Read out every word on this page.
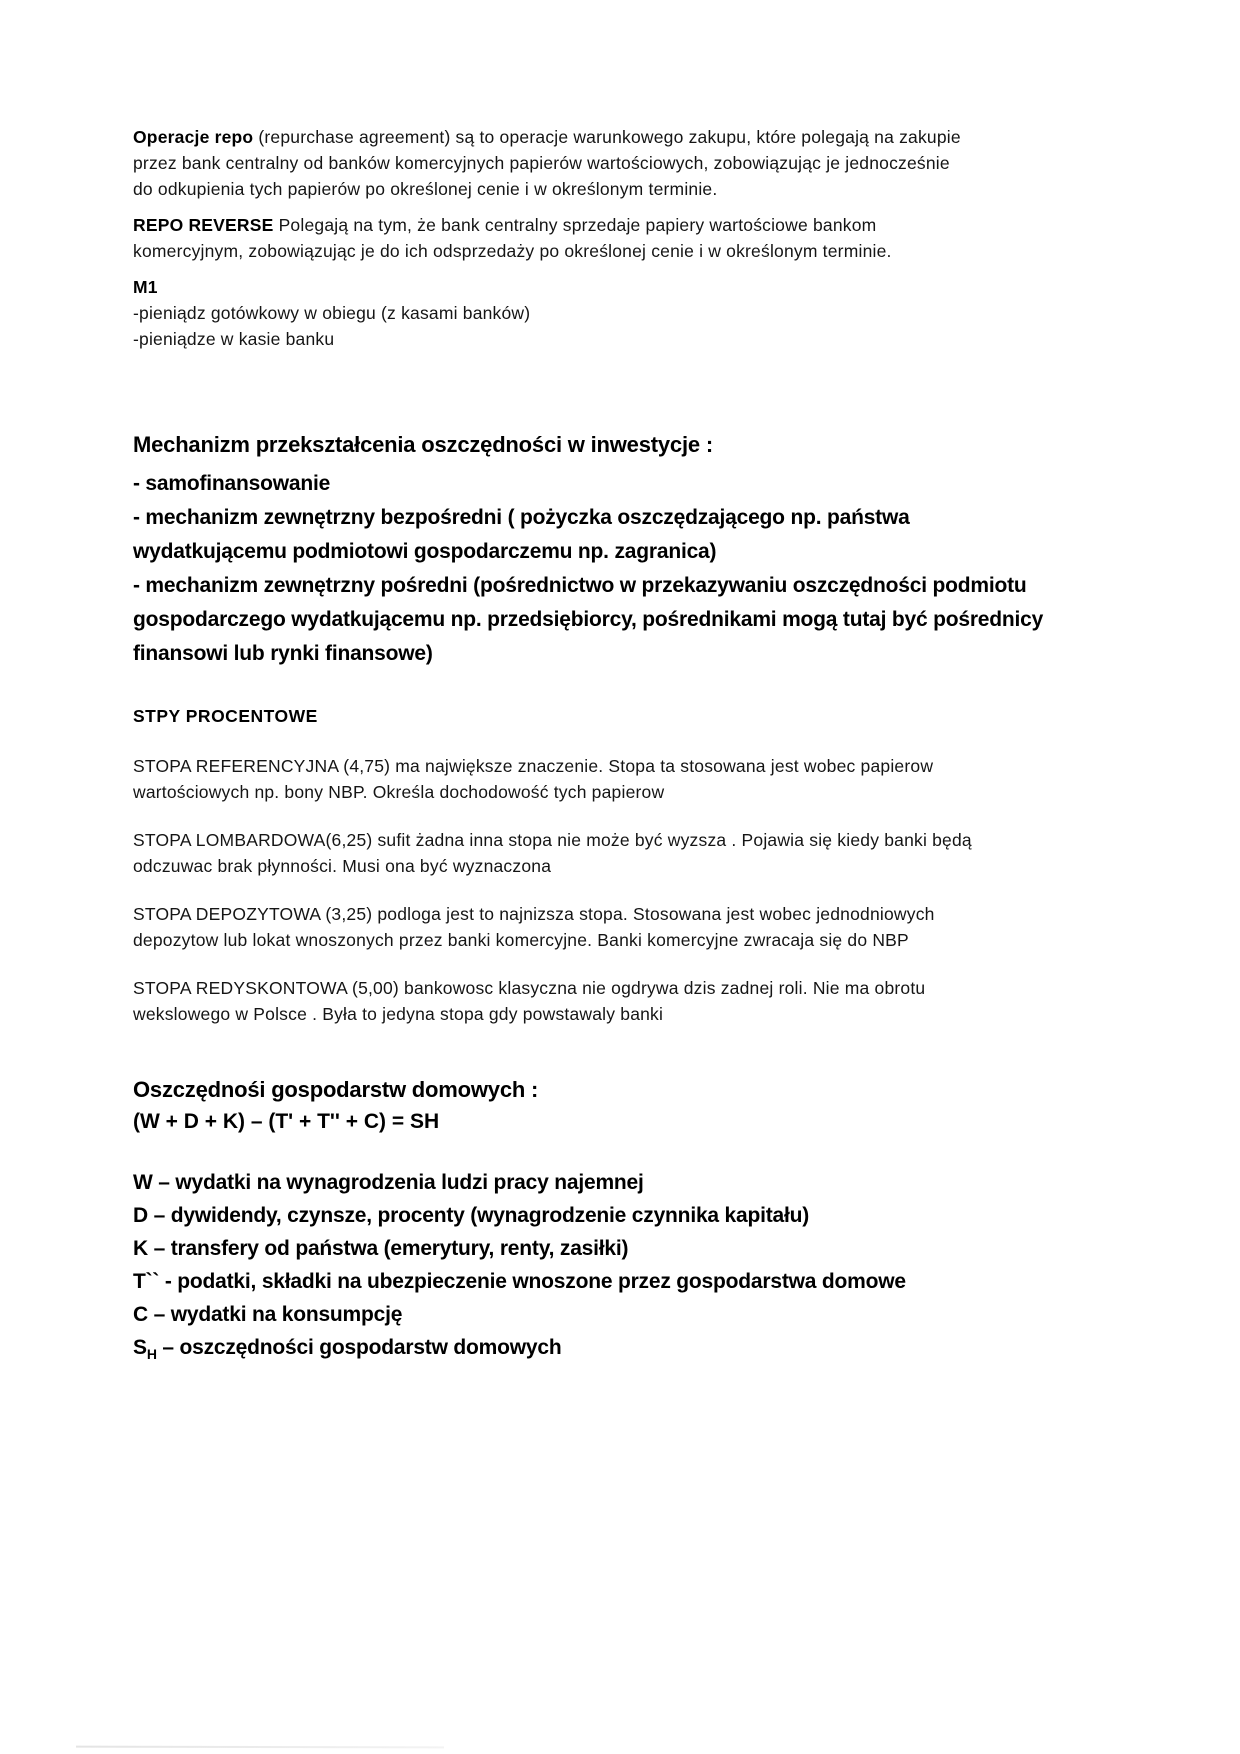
Operacje repo (repurchase agreement) są to operacje warunkowego zakupu, które polegają na zakupie
przez bank centralny od banków komercyjnych papierów wartościowych, zobowiązując je jednocześnie
do odkupienia tych papierów po określonej cenie i w określonym terminie.
REPO REVERSE Polegają na tym, że bank centralny sprzedaje papiery wartościowe bankom
komercyjnym, zobowiązując je do ich odsprzedaży po określonej cenie i w określonym terminie.
M1
-pieniądz gotówkowy w obiegu (z kasami banków)
-pieniądze w kasie banku
Mechanizm przekształcenia oszczędności w inwestycje :
- samofinansowanie
- mechanizm zewnętrzny bezpośredni ( pożyczka oszczędzającego np. państwa
wydatkującemu podmiotowi gospodarczemu np. zagranica)
- mechanizm zewnętrzny pośredni (pośrednictwo w przekazywaniu oszczędności podmiotu
gospodarczego wydatkującemu np. przedsiębiorcy, pośrednikami mogą tutaj być pośrednicy
finansowi lub rynki finansowe)
STPY PROCENTOWE
STOPA REFERENCYJNA (4,75) ma największe znaczenie. Stopa ta stosowana jest wobec papierow
wartościowych np. bony NBP. Określa dochodowość tych papierow
STOPA LOMBARDOWA(6,25) sufit żadna inna stopa nie może być wyzsza . Pojawia się kiedy banki będą
odczuwac brak płynności. Musi ona być wyznaczona
STOPA DEPOZYTOWA (3,25) podloga jest to najnizsza stopa. Stosowana jest wobec jednodniowych
depozytow lub lokat wnoszonych przez banki komercyjne. Banki komercyjne zwracaja się do NBP
STOPA REDYSKONTOWA (5,00) bankowosc klasyczna nie ogdrywa dzis zadnej roli. Nie ma obrotu
wekslowego w Polsce . Była to jedyna stopa gdy powstawaly banki
Oszczędnośi gospodarstw domowych :
(W + D + K) – (T' + T'' + C) = SH
W – wydatki na wynagrodzenia ludzi pracy najemnej
D – dywidendy, czynsze, procenty (wynagrodzenie czynnika kapitału)
K – transfery od państwa (emerytury, renty, zasiłki)
T`` - podatki, składki na ubezpieczenie wnoszone przez gospodarstwa domowe
C – wydatki na konsumpcję
$S_H$ – oszczędności gospodarstw domowych
